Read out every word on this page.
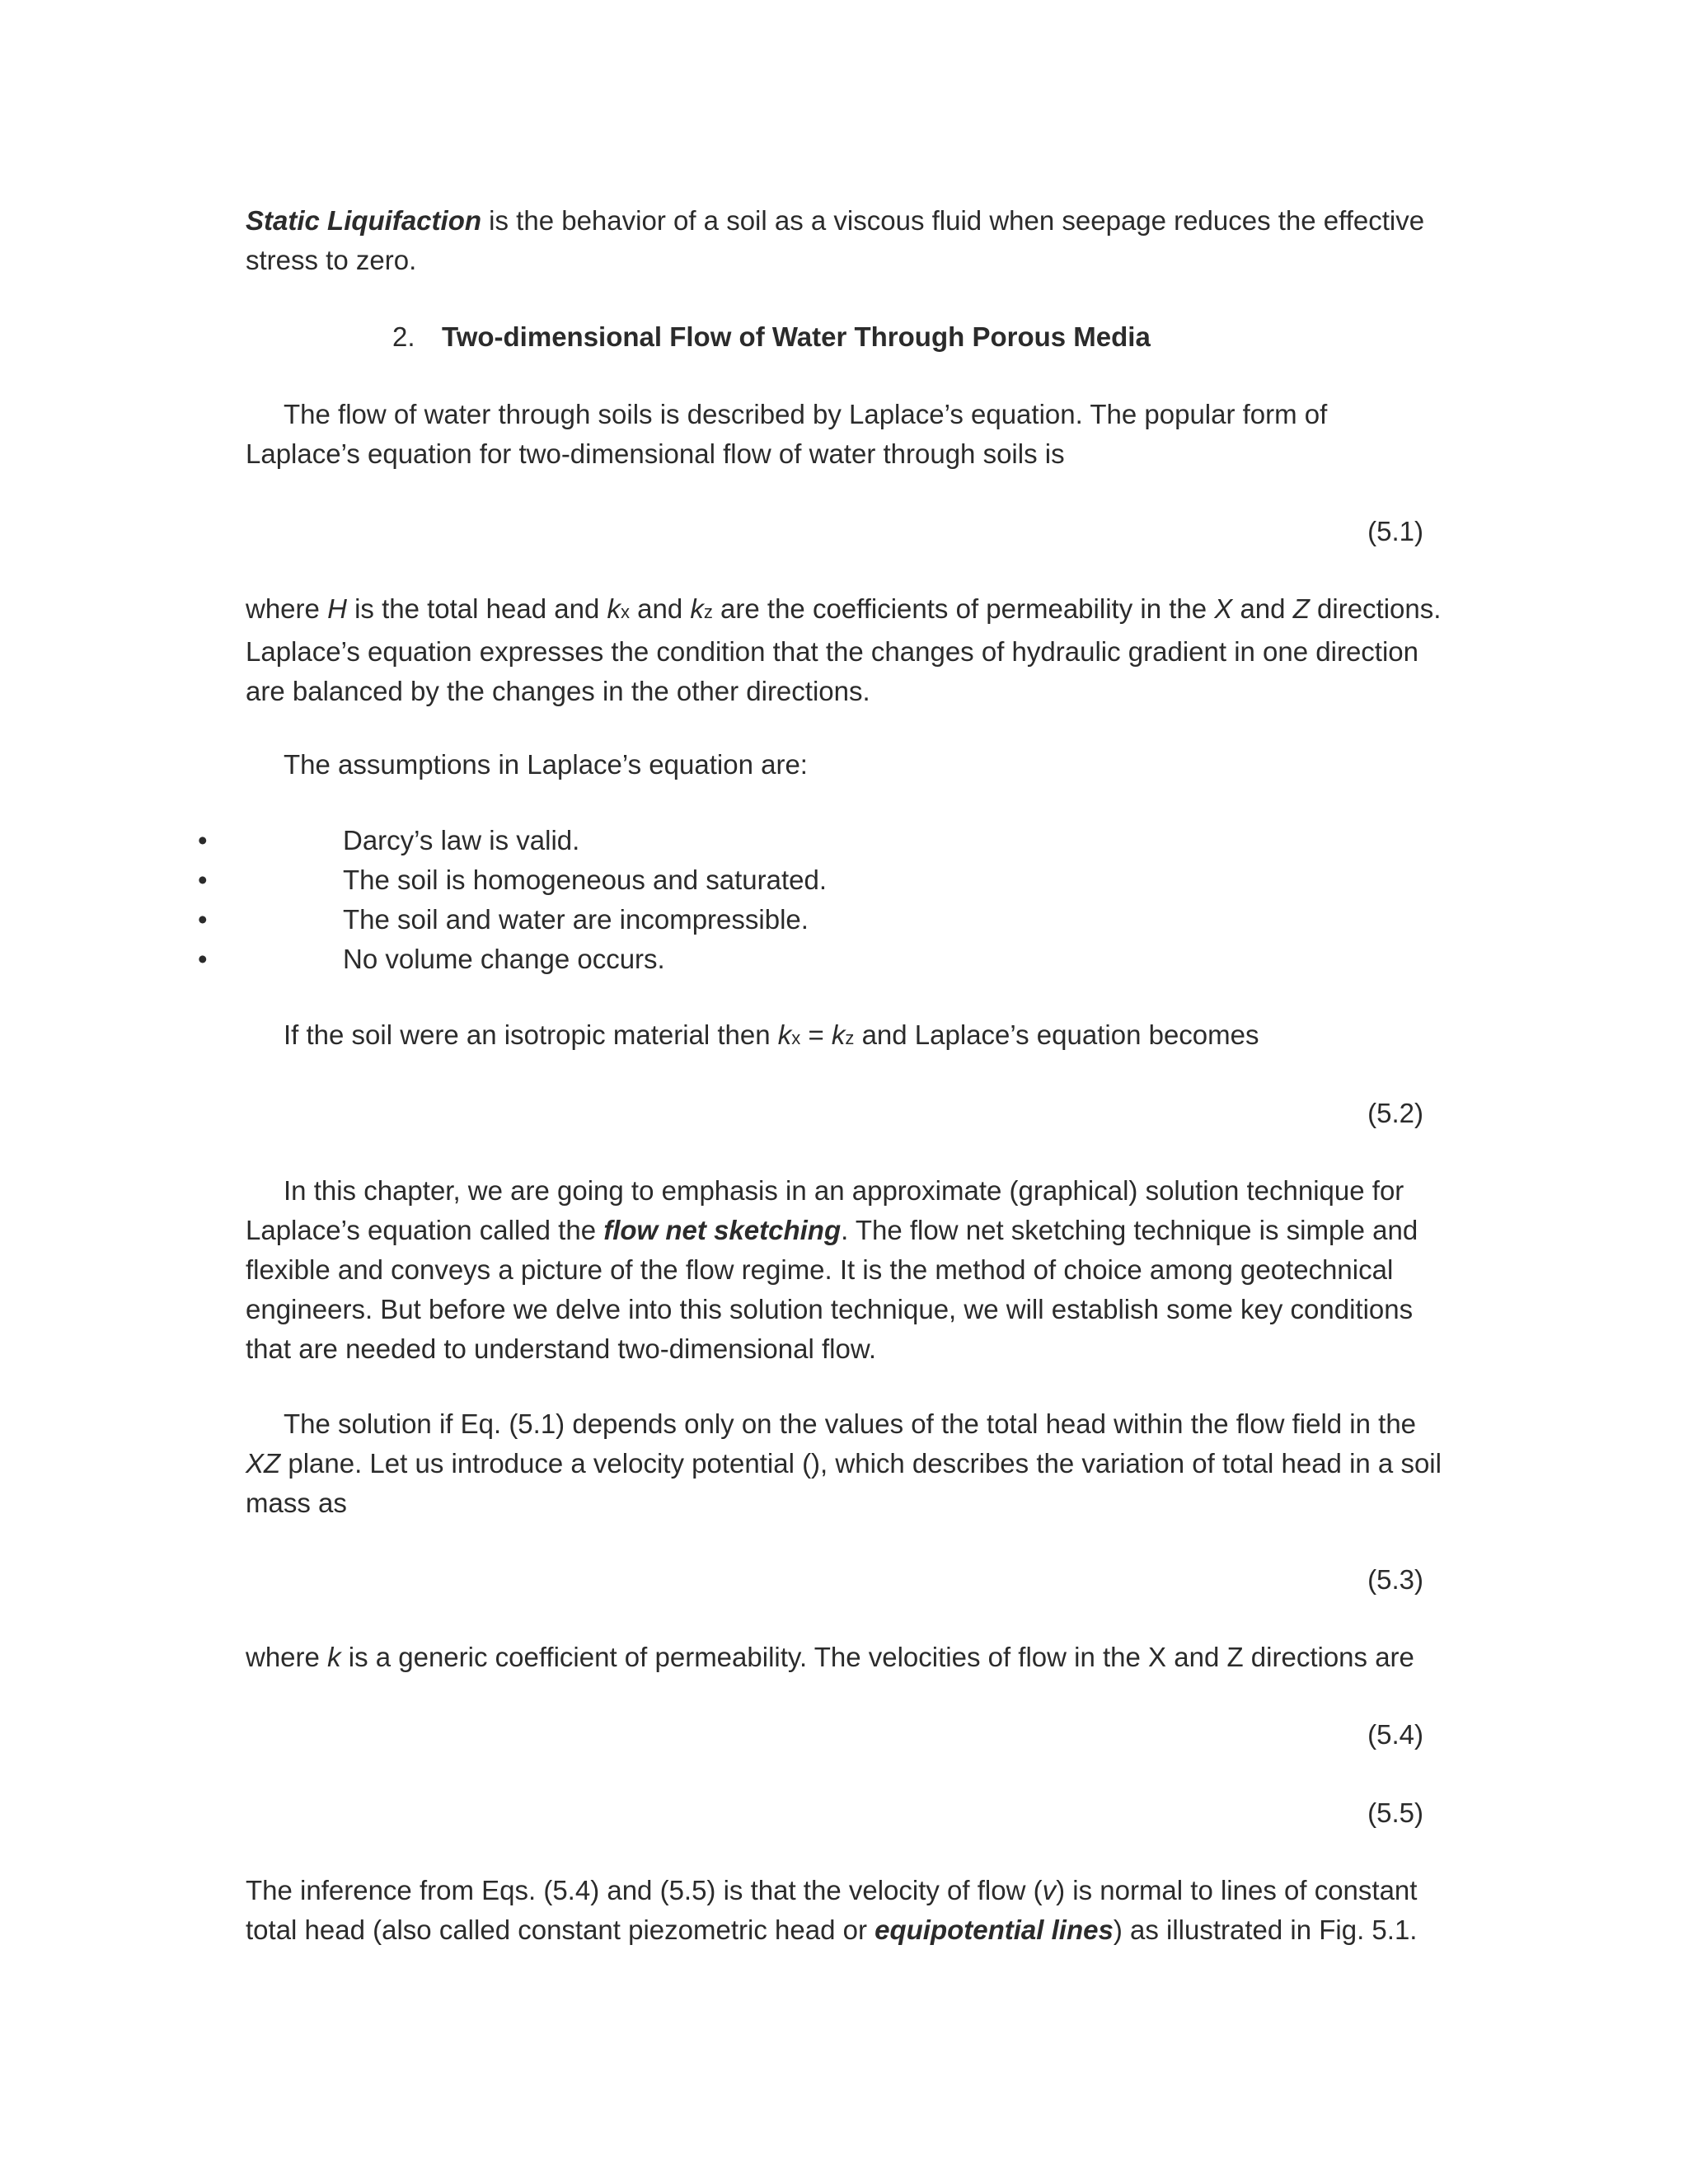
Static Liquifaction is the behavior of a soil as a viscous fluid when seepage reduces the effective stress to zero.

2. Two-dimensional Flow of Water Through Porous Media

The flow of water through soils is described by Laplace’s equation. The popular form of Laplace’s equation for two-dimensional flow of water through soils is

(5.1)

where H is the total head and kx and kz are the coefficients of permeability in the X and Z directions. Laplace’s equation expresses the condition that the changes of hydraulic gradient in one direction are balanced by the changes in the other directions.

The assumptions in Laplace’s equation are:

•	Darcy’s law is valid.
•	The soil is homogeneous and saturated.
•	The soil and water are incompressible.
•	No volume change occurs.

If the soil were an isotropic material then kx = kz and Laplace’s equation becomes

(5.2)

In this chapter, we are going to emphasis in an approximate (graphical) solution technique for Laplace’s equation called the flow net sketching. The flow net sketching technique is simple and flexible and conveys a picture of the flow regime. It is the method of choice among geotechnical engineers. But before we delve into this solution technique, we will establish some key conditions that are needed to understand two-dimensional flow.

The solution if Eq. (5.1) depends only on the values of the total head within the flow field in the XZ plane. Let us introduce a velocity potential (), which describes the variation of total head in a soil mass as

(5.3)

where k is a generic coefficient of permeability. The velocities of flow in the X and Z directions are

(5.4)

(5.5)

The inference from Eqs. (5.4) and (5.5) is that the velocity of flow (v) is normal to lines of constant total head (also called constant piezometric head or equipotential lines) as illustrated in Fig. 5.1.
